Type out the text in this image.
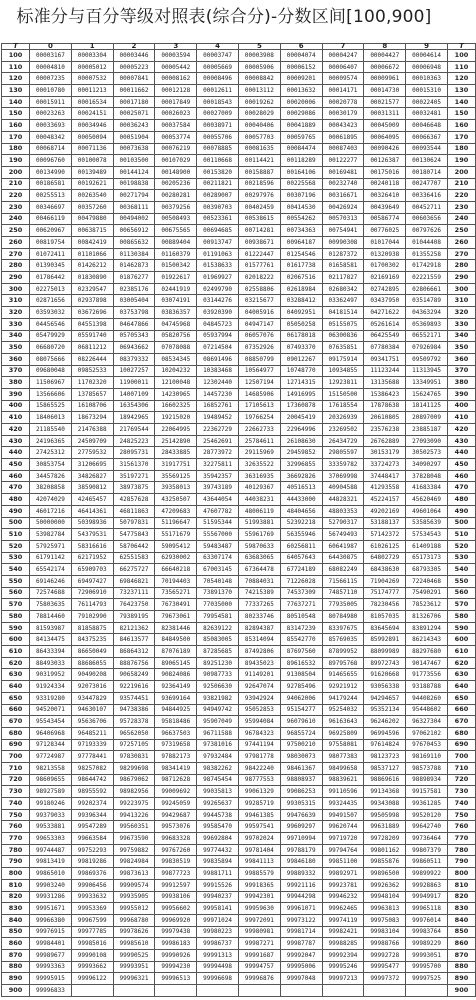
标准分与百分等级对照表(综合分)-分数区间[100,900]
T	0	1	2	3	4	5	6	7	8	9	T
100	00003167	00003304	00003446	00003594	00003747	00003908	00004074	00004247	00004427	00004614	100
110	00004810	00005012	00005223	00005442	00005669	00005906	00006152	00006407	00006672	00006948	110
120	00007235	00007532	00007841	00008162	00008496	00008842	00009201	00009574	00009961	00010363	120
130	00010780	00011213	00011662	00012128	00012611	00013112	00013632	00014171	00014730	00015310	130
140	00015911	00016534	00017180	00017849	00018543	00019262	00020006	00020778	00021577	00022405	140
150	00023263	00024151	00025071	00026023	00027009	00028029	00029086	00030179	00031311	00032481	150
160	00033693	00034946	00036243	00037584	00038971	00040406	00041889	00043423	00045009	00046648	160
170	00048342	00050094	00051904	00053774	00055706	00057703	00059765	00061895	00064095	00066367	170
180	00068714	00071136	00073638	00076219	00078885	00081635	00084474	00087403	00090426	00093544	180
190	00096760	00100078	00103500	00107029	00110668	00114421	00118289	00122277	00126387	00130624	190
200	00134990	00139489	00144124	00148900	00153820	00158887	00164106	00169481	00175016	00180714	200
210	00186581	00192621	00198838	00205236	00211821	00218596	00225568	00232740	00240118	00247707	210
220	00255513	00263540	00271794	00280281	00289007	00297976	00307196	00316671	00326410	00336416	220
230	00346697	00357260	00368111	00379256	00390703	00402459	00414530	00426924	00439649	00452711	230
240	00466119	00479880	00494002	00508493	00523361	00538615	00554262	00570313	00586774	00603656	240
250	00620967	00638715	00656912	00675565	00694685	00714281	00734363	00754941	00776025	00797626	250
260	00819754	00842419	00865632	00889404	00913747	00938671	00964187	00990308	01017044	01044408	260
270	01072411	01101066	01130384	01160379	01191063	01222447	01254546	01287372	01320938	01355258	270
280	01390345	01426212	01462873	01500342	01538633	01577761	01617738	01658581	01700302	01742918	280
290	01786442	01830890	01876277	01922617	01969927	02018222	02067516	02117827	02169169	02221559	290
300	02275013	02329547	02385176	02441919	02499790	02558806	02618984	02680342	02742895	02806661	300
310	02871656	02937898	03005404	03074191	03144276	03215677	03288412	03362497	03437950	03514789	310
320	03593032	03672696	03753798	03836357	03920390	04005916	04092951	04181514	04271622	04363294	320
330	04456546	04551398	04647866	04745968	04845723	04947147	05050258	05155075	05261614	05369893	330
340	05479929	05591740	05705343	05820756	05937994	06057076	06178018	06300836	06425549	06552171	340
350	06680720	06811212	06943662	07078088	07214504	07352926	07493370	07635851	07780384	07926984	350
360	08075666	08226444	08379332	08534345	08691496	08850799	09012267	09175914	09341751	09509792	360
370	09680048	09852533	10027257	10204232	10383468	10564977	10748770	10934855	11123244	11313945	370
380	11506967	11702320	11900011	12100048	12302440	12507194	12714315	12923811	13135688	13349951	380
390	13566606	13785657	14007109	14230965	14457230	14685906	14916995	15150500	15386423	15624765	390
400	15865525	16108706	16354306	16602325	16852761	17105613	17360878	17618554	17878638	18141125	400
410	18406013	18673294	18942965	19215020	19489452	19766254	20045419	20326939	20610805	20897009	410
420	21185540	21476388	21769544	22064995	22362729	22662733	22964996	23269502	23576238	23885187	420
430	24196365	24509709	24825223	25142890	25462691	25784611	26108630	26434729	26762889	27093090	430
440	27425312	27759532	28095731	28433885	28773972	29115969	29459852	29805597	30153179	30502573	440
450	30853754	31206695	31561370	31917751	32275811	32635522	32996855	33359782	33724273	34090297	450
460	34457826	34826827	35197271	35569125	35942357	36316935	36692826	37069998	37448417	37828048	460
470	38208858	38590812	38973875	39358013	39743189	40129367	40516513	40904588	41293558	41683384	470
480	42074029	42465457	42857628	43250507	43644054	44038231	44433000	44828321	45224157	45620469	480
490	46017216	46414361	46811863	47209683	47607782	48006119	48404656	48803353	49202169	49601064	490
500	50000000	50398936	50797831	51196647	51595344	51993881	52392218	52790317	53188137	53585639	500
510	53982784	54379531	54775843	55171679	55567000	55961769	56355946	56749493	57142372	57534543	510
520	57925971	58316616	58706442	59095412	59483487	59870633	60256811	60641987	61026125	61409188	520
530	61791142	62171952	62551583	62930002	63307174	63683065	64057643	64430875	64802729	65173173	530
540	65542174	65909703	66275727	66640218	67003145	67364478	67724189	68082249	68438630	68793305	540
550	69146246	69497427	69846821	70194403	70540148	70884031	71226028	71566115	71904269	72240468	550
560	72574688	72906910	73237111	73565271	73891370	74215389	74537309	74857110	75174777	75490291	560
570	75803635	76114793	76423750	76730491	77035000	77337265	77637271	77935005	78230456	78523612	570
580	78814460	79102990	79389195	79673061	79954581	80233746	80510548	80784980	81057035	81326706	580
590	81593987	81858875	82121362	82381446	82639122	82894387	83147239	83397675	83645694	83891294	590
600	84134475	84375235	84613577	84849500	85083005	85314094	85542770	85769035	85992891	86214343	600
610	86433394	86650049	86864312	87076189	87285685	87492806	87697560	87899952	88099989	88297680	610
620	88493033	88686055	88876756	89065145	89251230	89435023	89616532	89795768	89972743	90147467	620
630	90319952	90490208	90658249	90824086	90987733	91149201	91308504	91465655	91620668	91773556	630
640	91924334	92073016	92219616	92364149	92506630	92647074	92785496	92921912	93056338	93188788	640
650	93319280	93447829	93574451	93699164	93821982	93942924	94062006	94179244	94294657	94408260	650
660	94520071	94630107	94738386	94844925	94949742	95052853	95154277	95254032	95352134	95448602	660
670	95543454	95636706	95728378	95818486	95907049	95994084	96079610	96163643	96246202	96327304	670
680	96406968	96485211	96562050	96637503	96711588	96784323	96855724	96925809	96994596	97062102	680
690	97128344	97193339	97257105	97319658	97381016	97441194	97500210	97558081	97614824	97670453	690
700	97724987	97778441	97830831	97882173	97932484	97981778	98030073	98077383	98123723	98169110	700
710	98213558	98257082	98299698	98341419	98382262	98422240	98461367	98499658	98537127	98573788	710
720	98609655	98644742	98679062	98712628	98745454	98777553	98808937	98839621	98869616	98898934	720
730	98927589	98955592	98982956	99009692	99035813	99061329	99086253	99110596	99134368	99157581	730
740	99180246	99202374	99223975	99245059	99265637	99285719	99305315	99324435	99343088	99361285	740
750	99379033	99396344	99413226	99429687	99445738	99461385	99476639	99491507	99505998	99520120	750
760	99533881	99547289	99560351	99573076	99585470	99597541	99609297	99620744	99631889	99642740	760
770	99653303	99663584	99673590	99683328	99692804	99702024	99710994	99719720	99728209	99736464	770
780	99744487	99752293	99759882	99767260	99774432	99781404	99788179	99794764	99801162	99807379	780
790	99813419	99819286	99824984	99830519	99835894	99841113	99846180	99851100	99855876	99860511	790
800	99865010	99869376	99873613	99877723	99881711	99885579	99889332	99892971	99896500	99899922	800
810	99903240	99906456	99909574	99912597	99915526	99918365	99921116	99923781	99926362	99928863	810
820	99931286	99933632	99935905	99938106	99940237	99942301	99944298	99946232	99948104	99949917	820
830	99951671	99953369	99955012	99956602	99958141	99959630	99961071	99962465	99963813	99965118	830
840	99966380	99967599	99968780	99969920	99971024	99972091	99973122	99974119	99975083	99976014	840
850	99976915	99977785	99978626	99979438	99980223	99980981	99981714	99982421	99983104	99983764	850
860	99984401	99985016	99985610	99986183	99986737	99987271	99987787	99988285	99988766	99989229	860
870	99989677	99990108	99990525	99990926	99991313	99991687	99992047	99992394	99992728	99993051	870
880	99993363	99993662	99993951	99994230	99994498	99994757	99995006	99995246	99995477	99995700	880
890	99995915	99996122	99996321	99996513	99996698	99996876	99997048	99997213	99997372	99997525	890
900	99996833										900
